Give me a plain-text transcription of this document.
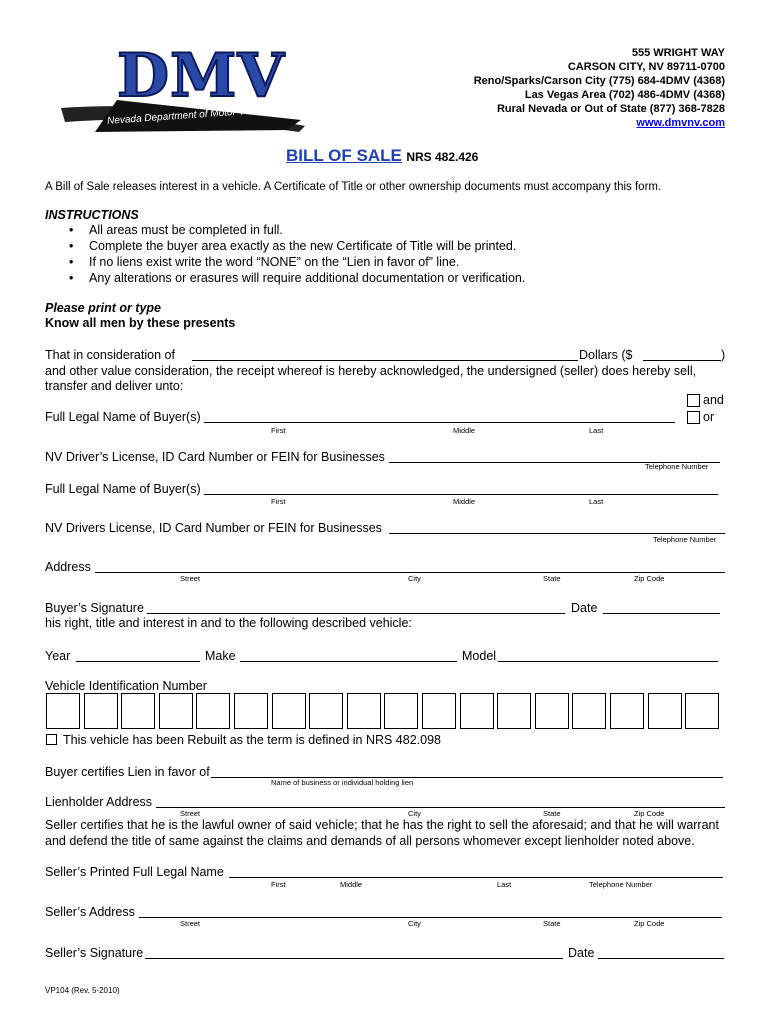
DMV
Nevada Department of Motor Vehicles
555 WRIGHT WAY
CARSON CITY, NV 89711-0700
Reno/Sparks/Carson City (775) 684-4DMV (4368)
Las Vegas Area (702) 486-4DMV (4368)
Rural Nevada or Out of State (877) 368-7828
www.dmvnv.com
BILL OF SALE NRS 482.426
A Bill of Sale releases interest in a vehicle. A Certificate of Title or other ownership documents must accompany this form.
INSTRUCTIONS
• All areas must be completed in full.
• Complete the buyer area exactly as the new Certificate of Title will be printed.
• If no liens exist write the word “NONE” on the “Lien in favor of” line.
• Any alterations or erasures will require additional documentation or verification.
Please print or type
Know all men by these presents
That in consideration of	Dollars ($	)
and other value consideration, the receipt whereof is hereby acknowledged, the undersigned (seller) does hereby sell,
transfer and deliver unto:
and
or
Full Legal Name of Buyer(s)
First	Middle	Last
NV Driver’s License, ID Card Number or FEIN for Businesses
Telephone Number
Full Legal Name of Buyer(s)
First	Middle	Last
NV Drivers License, ID Card Number or FEIN for Businesses
Telephone Number
Address
Street	City	State	Zip Code
Buyer’s Signature	Date
his right, title and interest in and to the following described vehicle:
Year	Make	Model
Vehicle Identification Number
This vehicle has been Rebuilt as the term is defined in NRS 482.098
Buyer certifies Lien in favor of
Name of business or individual holding lien
Lienholder Address
Street	City	State	Zip Code
Seller certifies that he is the lawful owner of said vehicle; that he has the right to sell the aforesaid; and that he will warrant
and defend the title of same against the claims and demands of all persons whomever except lienholder noted above.
Seller’s Printed Full Legal Name
First	Middle	Last	Telephone Number
Seller’s Address
Street	City	State	Zip Code
Seller’s Signature	Date
VP104 (Rev. 5-2010)
